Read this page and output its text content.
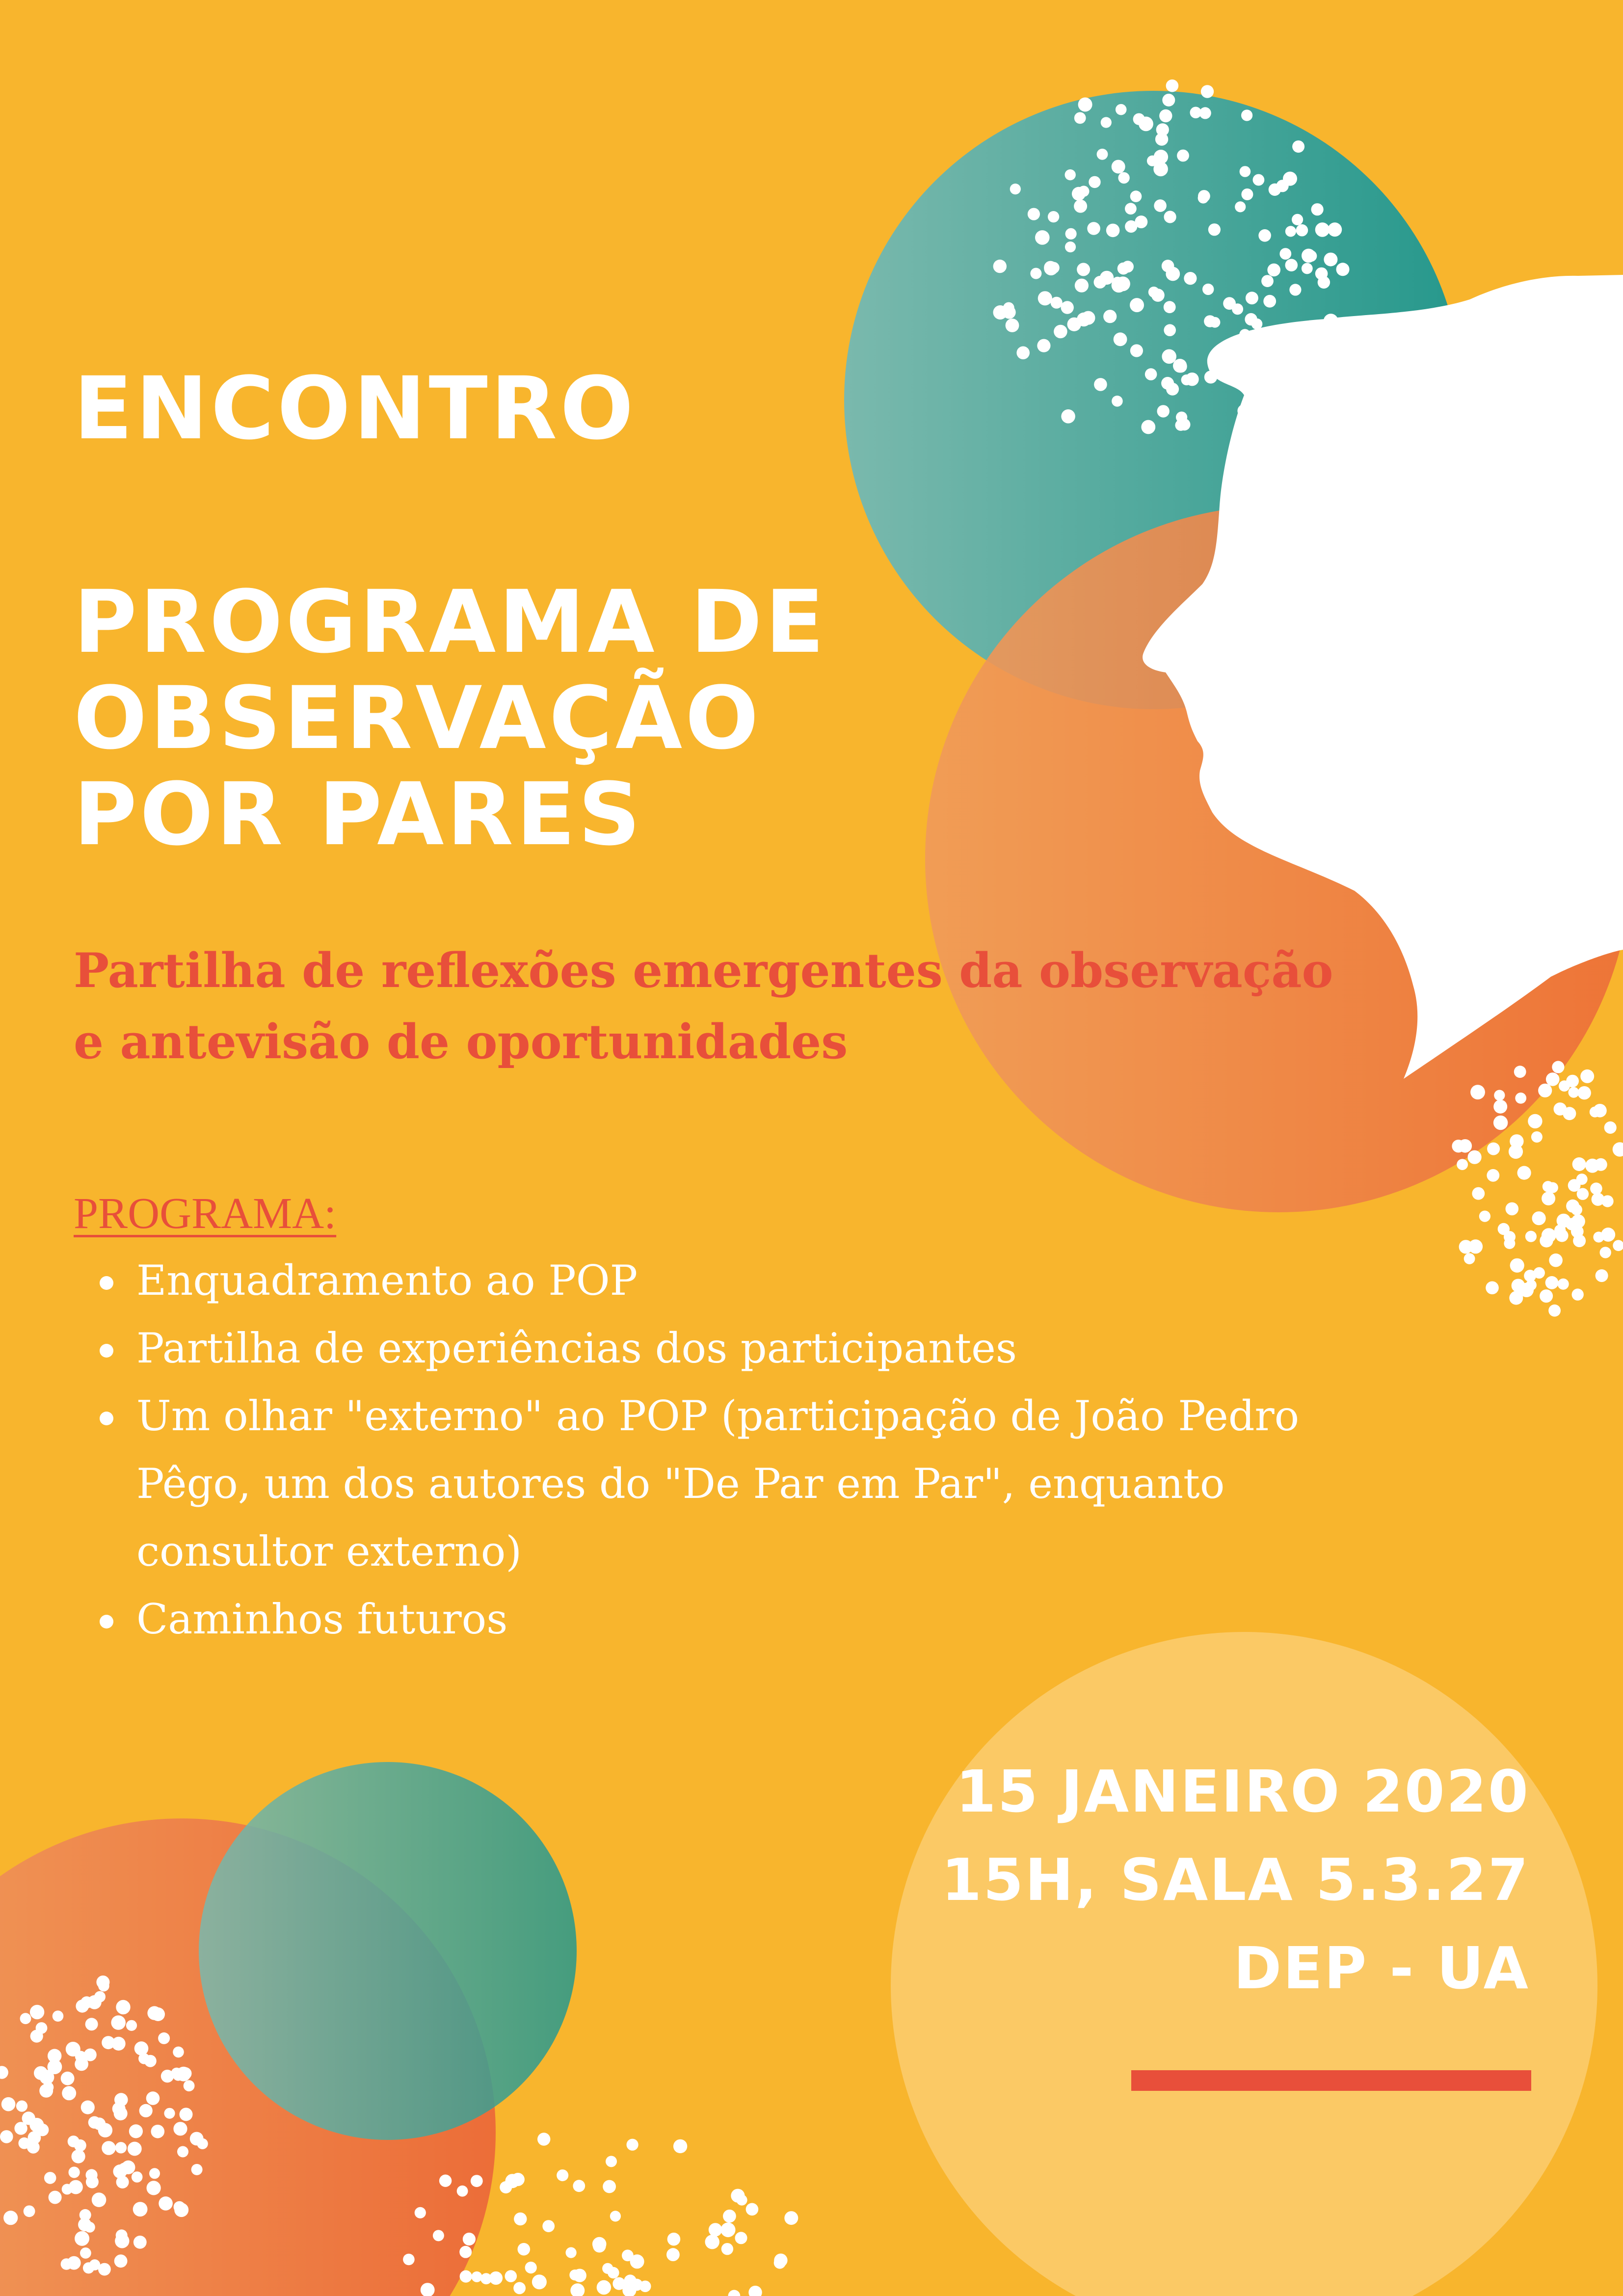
ENCONTRO
PROGRAMA DE
OBSERVAÇÃO
POR PARES
Partilha de reflexões emergentes da observação
e antevisão de oportunidades
PROGRAMA:
Enquadramento ao POP
Partilha de experiências dos participantes
Um olhar "externo" ao POP (participação de João Pedro Pêgo, um dos autores do "De Par em Par", enquanto consultor externo)
Caminhos futuros
15 JANEIRO 2020
15H, SALA 5.3.27
DEP - UA
